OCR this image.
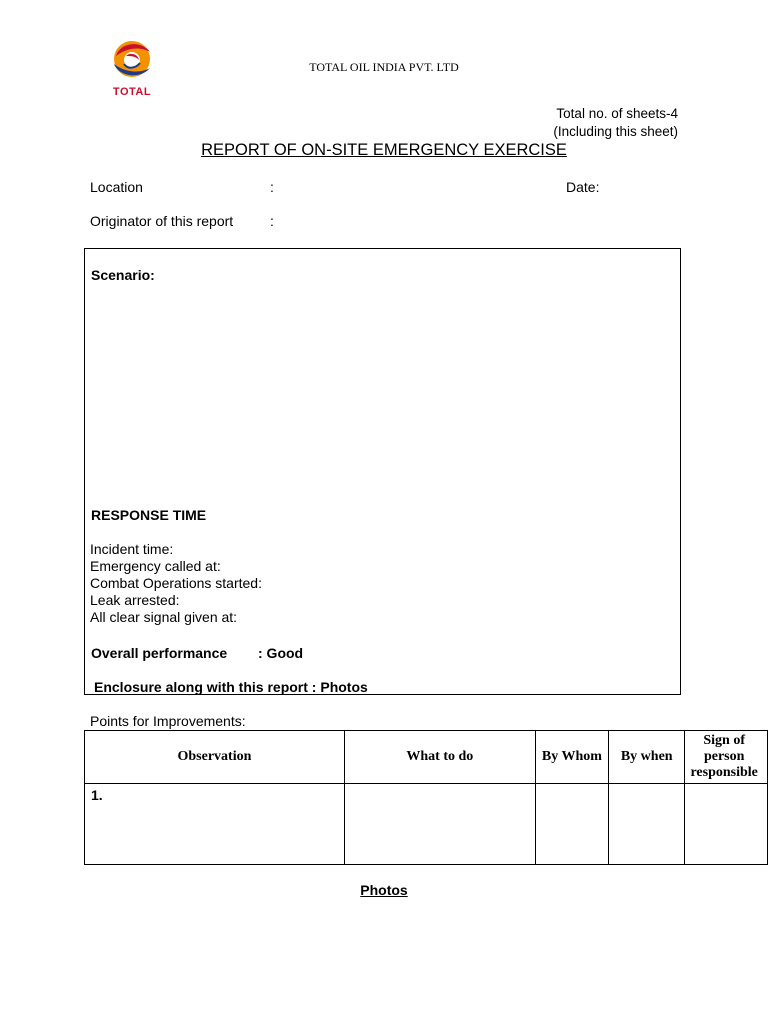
TOTAL
TOTAL OIL INDIA PVT. LTD
Total no. of sheets-4
(Including this sheet)
REPORT OF ON-SITE EMERGENCY EXERCISE
Location	:	Date:
Originator of this report	:
Scenario:
RESPONSE TIME
Incident time:
Emergency called at:
Combat Operations started:
Leak arrested:
All clear signal given at:
Overall performance : Good
Enclosure along with this report : Photos
Points for Improvements:
Observation	What to do	By Whom	By when	Sign of person responsible
1.				
Photos
